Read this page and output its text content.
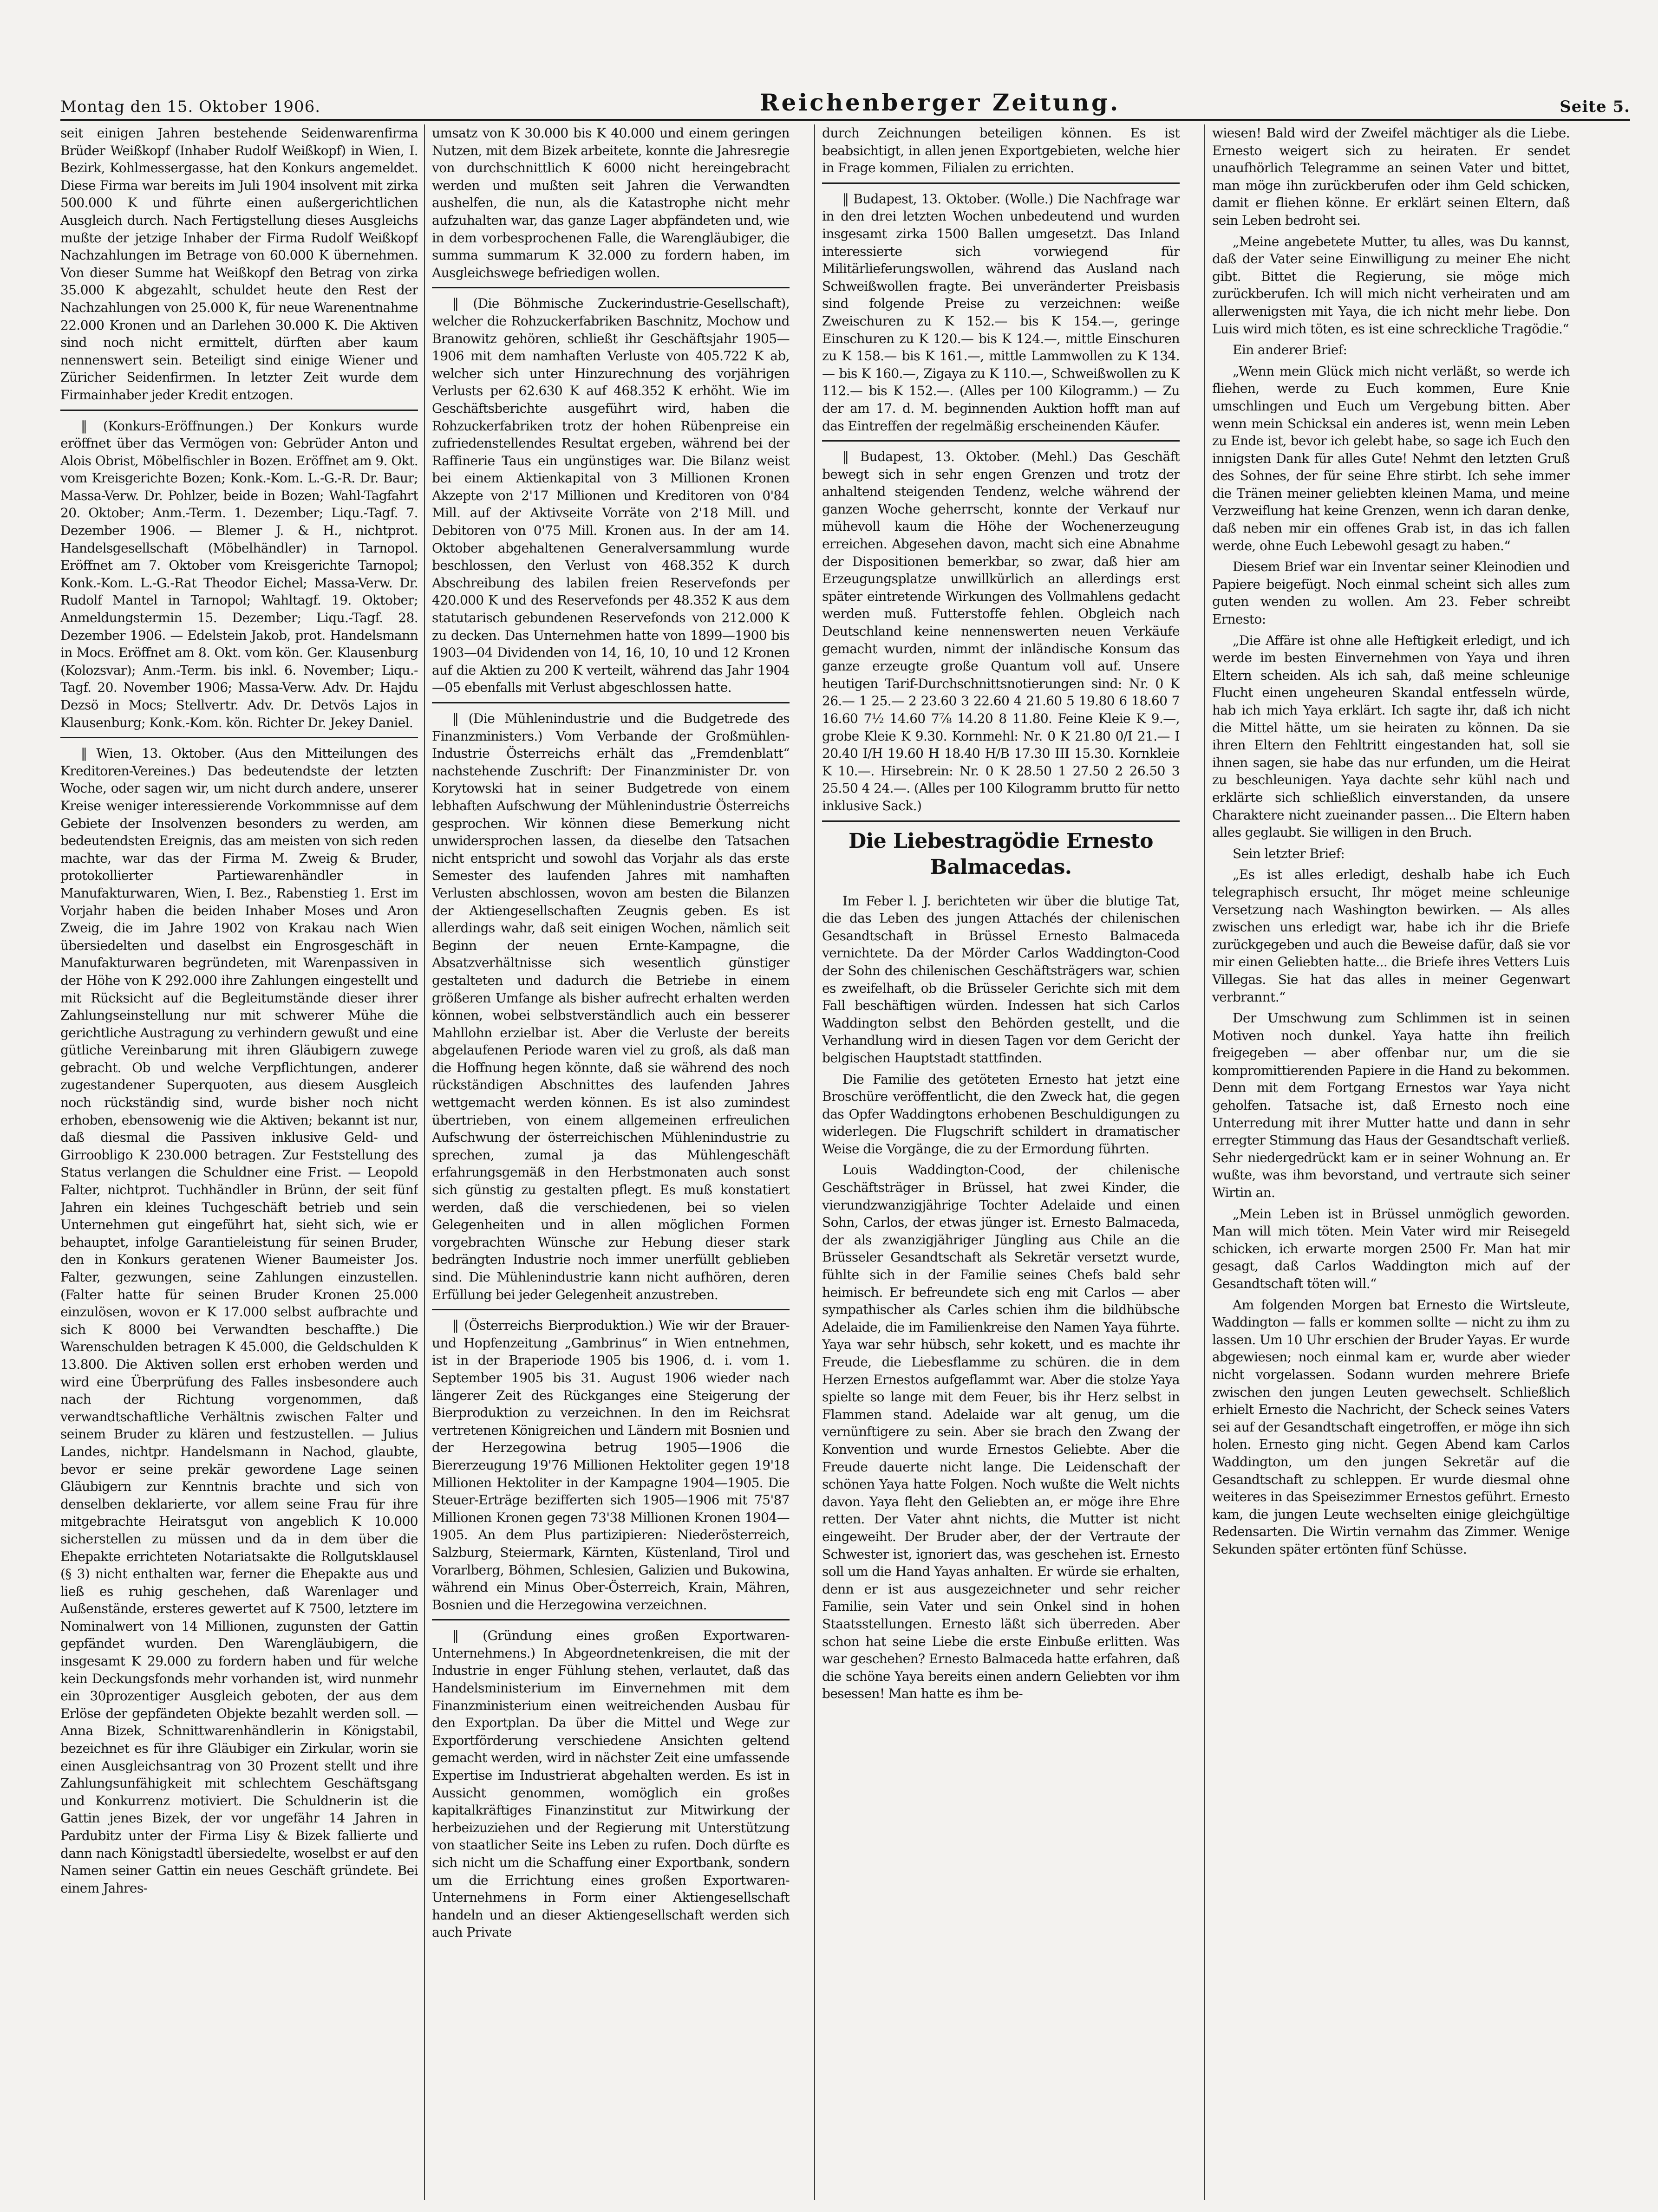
Montag den 15. Oktober 1906.	Reichenberger Zeitung.	Seite 5.

seit einigen Jahren bestehende Seidenwarenfirma Brüder Weißkopf (Inhaber Rudolf Weißkopf) in Wien, I. Bezirk, Kohlmessergasse, hat den Konkurs angemeldet. Diese Firma war bereits im Juli 1904 insolvent mit zirka 500.000 K und führte einen außergerichtlichen Ausgleich durch. Nach Fertigstellung dieses Ausgleichs mußte der jetzige Inhaber der Firma Rudolf Weißkopf Nachzahlungen im Betrage von 60.000 K übernehmen. Von dieser Summe hat Weißkopf den Betrag von zirka 35.000 K abgezahlt, schuldet heute den Rest der Nachzahlungen von 25.000 K, für neue Warenentnahme 22.000 Kronen und an Darlehen 30.000 K. Die Aktiven sind noch nicht ermittelt, dürften aber kaum nennenswert sein. Beteiligt sind einige Wiener und Züricher Seidenfirmen. In letzter Zeit wurde dem Firmainhaber jeder Kredit entzogen.

‖ (Konkurs-Eröffnungen.) Der Konkurs wurde eröffnet über das Vermögen von: Gebrüder Anton und Alois Obrist, Möbelfischler in Bozen. Eröffnet am 9. Okt. vom Kreisgerichte Bozen; Konk.-Kom. L.-G.-R. Dr. Baur; Massa-Verw. Dr. Pohlzer, beide in Bozen; Wahl-Tagfahrt 20. Oktober; Anm.-Term. 1. Dezember; Liqu.-Tagf. 7. Dezember 1906. — Blemer J. & H., nichtprot. Handelsgesellschaft (Möbelhändler) in Tarnopol. Eröffnet am 7. Oktober vom Kreisgerichte Tarnopol; Konk.-Kom. L.-G.-Rat Theodor Eichel; Massa-Verw. Dr. Rudolf Mantel in Tarnopol; Wahltagf. 19. Oktober; Anmeldungstermin 15. Dezember; Liqu.-Tagf. 28. Dezember 1906. — Edelstein Jakob, prot. Handelsmann in Mocs. Eröffnet am 8. Okt. vom kön. Ger. Klausenburg (Kolozsvar); Anm.-Term. bis inkl. 6. November; Liqu.-Tagf. 20. November 1906; Massa-Verw. Adv. Dr. Hajdu Dezsö in Mocs; Stellvertr. Adv. Dr. Detvös Lajos in Klausenburg; Konk.-Kom. kön. Richter Dr. Jekey Daniel.

‖ Wien, 13. Oktober. (Aus den Mitteilungen des Kreditoren-Vereines.) Das bedeutendste der letzten Woche, oder sagen wir, um nicht durch andere, unserer Kreise weniger interessierende Vorkommnisse auf dem Gebiete der Insolvenzen besonders zu werden, am bedeutendsten Ereignis, das am meisten von sich reden machte, war das der Firma M. Zweig & Bruder, protokollierter Partiewarenhändler in Manufakturwaren, Wien, I. Bez., Rabenstieg 1. Erst im Vorjahr haben die beiden Inhaber Moses und Aron Zweig, die im Jahre 1902 von Krakau nach Wien übersiedelten und daselbst ein Engrosgeschäft in Manufakturwaren begründeten, mit Warenpassiven in der Höhe von K 292.000 ihre Zahlungen eingestellt und mit Rücksicht auf die Begleitumstände dieser ihrer Zahlungseinstellung nur mit schwerer Mühe die gerichtliche Austragung zu verhindern gewußt und eine gütliche Vereinbarung mit ihren Gläubigern zuwege gebracht. Ob und welche Verpflichtungen, anderer zugestandener Superquoten, aus diesem Ausgleich noch rückständig sind, wurde bisher noch nicht erhoben, ebensowenig wie die Aktiven; bekannt ist nur, daß diesmal die Passiven inklusive Geld- und Girroobligo K 230.000 betragen. Zur Feststellung des Status verlangen die Schuldner eine Frist. — Leopold Falter, nichtprot. Tuchhändler in Brünn, der seit fünf Jahren ein kleines Tuchgeschäft betrieb und sein Unternehmen gut eingeführt hat, sieht sich, wie er behauptet, infolge Garantieleistung für seinen Bruder, den in Konkurs geratenen Wiener Baumeister Jos. Falter, gezwungen, seine Zahlungen einzustellen. (Falter hatte für seinen Bruder Kronen 25.000 einzulösen, wovon er K 17.000 selbst aufbrachte und sich K 8000 bei Verwandten beschaffte.) Die Warenschulden betragen K 45.000, die Geldschulden K 13.800. Die Aktiven sollen erst erhoben werden und wird eine Überprüfung des Falles insbesondere auch nach der Richtung vorgenommen, daß verwandtschaftliche Verhältnis zwischen Falter und seinem Bruder zu klären und festzustellen. — Julius Landes, nichtpr. Handelsmann in Nachod, glaubte, bevor er seine prekär gewordene Lage seinen Gläubigern zur Kenntnis brachte und sich von denselben deklarierte, vor allem seine Frau für ihre mitgebrachte Heiratsgut von angeblich K 10.000 sicherstellen zu müssen und da in dem über die Ehepakte errichteten Notariatsakte die Rollgutsklausel (§ 3) nicht enthalten war, ferner die Ehepakte aus und ließ es ruhig geschehen, daß Warenlager und Außenstände, ersteres gewertet auf K 7500, letztere im Nominalwert von 14 Millionen, zugunsten der Gattin gepfändet wurden. Den Warengläubigern, die insgesamt K 29.000 zu fordern haben und für welche kein Deckungsfonds mehr vorhanden ist, wird nunmehr ein 30prozentiger Ausgleich geboten, der aus dem Erlöse der gepfändeten Objekte bezahlt werden soll. — Anna Bizek, Schnittwarenhändlerin in Königstabil, bezeichnet es für ihre Gläubiger ein Zirkular, worin sie einen Ausgleichsantrag von 30 Prozent stellt und ihre Zahlungsunfähigkeit mit schlechtem Geschäftsgang und Konkurrenz motiviert. Die Schuldnerin ist die Gattin jenes Bizek, der vor ungefähr 14 Jahren in Pardubitz unter der Firma Lisy & Bizek fallierte und dann nach Königstadtl übersiedelte, woselbst er auf den Namen seiner Gattin ein neues Geschäft gründete. Bei einem Jahres-

umsatz von K 30.000 bis K 40.000 und einem geringen Nutzen, mit dem Bizek arbeitete, konnte die Jahresregie von durchschnittlich K 6000 nicht hereingebracht werden und mußten seit Jahren die Verwandten aushelfen, die nun, als die Katastrophe nicht mehr aufzuhalten war, das ganze Lager abpfändeten und, wie in dem vorbesprochenen Falle, die Warengläubiger, die summa summarum K 32.000 zu fordern haben, im Ausgleichswege befriedigen wollen.

‖ (Die Böhmische Zuckerindustrie-Gesellschaft), welcher die Rohzuckerfabriken Baschnitz, Mochow und Branowitz gehören, schließt ihr Geschäftsjahr 1905—1906 mit dem namhaften Verluste von 405.722 K ab, welcher sich unter Hinzurechnung des vorjährigen Verlusts per 62.630 K auf 468.352 K erhöht. Wie im Geschäftsberichte ausgeführt wird, haben die Rohzuckerfabriken trotz der hohen Rübenpreise ein zufriedenstellendes Resultat ergeben, während bei der Raffinerie Taus ein ungünstiges war. Die Bilanz weist bei einem Aktienkapital von 3 Millionen Kronen Akzepte von 2'17 Millionen und Kreditoren von 0'84 Mill. auf der Aktivseite Vorräte von 2'18 Mill. und Debitoren von 0'75 Mill. Kronen aus. In der am 14. Oktober abgehaltenen Generalversammlung wurde beschlossen, den Verlust von 468.352 K durch Abschreibung des labilen freien Reservefonds per 420.000 K und des Reservefonds per 48.352 K aus dem statutarisch gebundenen Reservefonds von 212.000 K zu decken. Das Unternehmen hatte von 1899—1900 bis 1903—04 Dividenden von 14, 16, 10, 10 und 12 Kronen auf die Aktien zu 200 K verteilt, während das Jahr 1904—05 ebenfalls mit Verlust abgeschlossen hatte.

‖ (Die Mühlenindustrie und die Budgetrede des Finanzministers.) Vom Verbande der Großmühlen-Industrie Österreichs erhält das „Fremdenblatt“ nachstehende Zuschrift: Der Finanzminister Dr. von Korytowski hat in seiner Budgetrede von einem lebhaften Aufschwung der Mühlenindustrie Österreichs gesprochen. Wir können diese Bemerkung nicht unwidersprochen lassen, da dieselbe den Tatsachen nicht entspricht und sowohl das Vorjahr als das erste Semester des laufenden Jahres mit namhaften Verlusten abschlossen, wovon am besten die Bilanzen der Aktiengesellschaften Zeugnis geben. Es ist allerdings wahr, daß seit einigen Wochen, nämlich seit Beginn der neuen Ernte-Kampagne, die Absatzverhältnisse sich wesentlich günstiger gestalteten und dadurch die Betriebe in einem größeren Umfange als bisher aufrecht erhalten werden können, wobei selbstverständlich auch ein besserer Mahllohn erzielbar ist. Aber die Verluste der bereits abgelaufenen Periode waren viel zu groß, als daß man die Hoffnung hegen könnte, daß sie während des noch rückständigen Abschnittes des laufenden Jahres wettgemacht werden können. Es ist also zumindest übertrieben, von einem allgemeinen erfreulichen Aufschwung der österreichischen Mühlenindustrie zu sprechen, zumal ja das Mühlengeschäft erfahrungsgemäß in den Herbstmonaten auch sonst sich günstig zu gestalten pflegt. Es muß konstatiert werden, daß die verschiedenen, bei so vielen Gelegenheiten und in allen möglichen Formen vorgebrachten Wünsche zur Hebung dieser stark bedrängten Industrie noch immer unerfüllt geblieben sind. Die Mühlenindustrie kann nicht aufhören, deren Erfüllung bei jeder Gelegenheit anzustreben.

‖ (Österreichs Bierproduktion.) Wie wir der Brauer- und Hopfenzeitung „Gambrinus“ in Wien entnehmen, ist in der Braperiode 1905 bis 1906, d. i. vom 1. September 1905 bis 31. August 1906 wieder nach längerer Zeit des Rückganges eine Steigerung der Bierproduktion zu verzeichnen. In den im Reichsrat vertretenen Königreichen und Ländern mit Bosnien und der Herzegowina betrug 1905—1906 die Biererzeugung 19'76 Millionen Hektoliter gegen 19'18 Millionen Hektoliter in der Kampagne 1904—1905. Die Steuer-Erträge bezifferten sich 1905—1906 mit 75'87 Millionen Kronen gegen 73'38 Millionen Kronen 1904—1905. An dem Plus partizipieren: Niederösterreich, Salzburg, Steiermark, Kärnten, Küstenland, Tirol und Vorarlberg, Böhmen, Schlesien, Galizien und Bukowina, während ein Minus Ober-Österreich, Krain, Mähren, Bosnien und die Herzegowina verzeichnen.

‖ (Gründung eines großen Exportwaren-Unternehmens.) In Abgeordnetenkreisen, die mit der Industrie in enger Fühlung stehen, verlautet, daß das Handelsministerium im Einvernehmen mit dem Finanzministerium einen weitreichenden Ausbau für den Exportplan. Da über die Mittel und Wege zur Exportförderung verschiedene Ansichten geltend gemacht werden, wird in nächster Zeit eine umfassende Expertise im Industrierat abgehalten werden. Es ist in Aussicht genommen, womöglich ein großes kapitalkräftiges Finanzinstitut zur Mitwirkung der herbeizuziehen und der Regierung mit Unterstützung von staatlicher Seite ins Leben zu rufen. Doch dürfte es sich nicht um die Schaffung einer Exportbank, sondern um die Errichtung eines großen Exportwaren-Unternehmens in Form einer Aktiengesellschaft handeln und an dieser Aktiengesellschaft werden sich auch Private

durch Zeichnungen beteiligen können. Es ist beabsichtigt, in allen jenen Exportgebieten, welche hier in Frage kommen, Filialen zu errichten.

‖ Budapest, 13. Oktober. (Wolle.) Die Nachfrage war in den drei letzten Wochen unbedeutend und wurden insgesamt zirka 1500 Ballen umgesetzt. Das Inland interessierte sich vorwiegend für Militärlieferungswollen, während das Ausland nach Schweißwollen fragte. Bei unveränderter Preisbasis sind folgende Preise zu verzeichnen: weiße Zweischuren zu K 152.— bis K 154.—, geringe Einschuren zu K 120.— bis K 124.—, mittle Einschuren zu K 158.— bis K 161.—, mittle Lammwollen zu K 134.— bis K 160.—, Zigaya zu K 110.—, Schweißwollen zu K 112.— bis K 152.—. (Alles per 100 Kilogramm.) — Zu der am 17. d. M. beginnenden Auktion hofft man auf das Eintreffen der regelmäßig erscheinenden Käufer.

‖ Budapest, 13. Oktober. (Mehl.) Das Geschäft bewegt sich in sehr engen Grenzen und trotz der anhaltend steigenden Tendenz, welche während der ganzen Woche geherrscht, konnte der Verkauf nur mühevoll kaum die Höhe der Wochenerzeugung erreichen. Abgesehen davon, macht sich eine Abnahme der Dispositionen bemerkbar, so zwar, daß hier am Erzeugungsplatze unwillkürlich an allerdings erst später eintretende Wirkungen des Vollmahlens gedacht werden muß. Futterstoffe fehlen. Obgleich nach Deutschland keine nennenswerten neuen Verkäufe gemacht wurden, nimmt der inländische Konsum das ganze erzeugte große Quantum voll auf. Unsere heutigen Tarif-Durchschnittsnotierungen sind: Nr. 0 K 26.— 1 25.— 2 23.60 3 22.60 4 21.60 5 19.80 6 18.60 7 16.60 7½ 14.60 7⅞ 14.20 8 11.80. Feine Kleie K 9.—, grobe Kleie K 9.30. Kornmehl: Nr. 0 K 21.80 0/I 21.— I 20.40 I/H 19.60 H 18.40 H/B 17.30 III 15.30. Kornkleie K 10.—. Hirsebrein: Nr. 0 K 28.50 1 27.50 2 26.50 3 25.50 4 24.—. (Alles per 100 Kilogramm brutto für netto inklusive Sack.)

Die Liebestragödie Ernesto Balmacedas.

Im Feber l. J. berichteten wir über die blutige Tat, die das Leben des jungen Attachés der chilenischen Gesandtschaft in Brüssel Ernesto Balmaceda vernichtete. Da der Mörder Carlos Waddington-Cood der Sohn des chilenischen Geschäftsträgers war, schien es zweifelhaft, ob die Brüsseler Gerichte sich mit dem Fall beschäftigen würden. Indessen hat sich Carlos Waddington selbst den Behörden gestellt, und die Verhandlung wird in diesen Tagen vor dem Gericht der belgischen Hauptstadt stattfinden.

Die Familie des getöteten Ernesto hat jetzt eine Broschüre veröffentlicht, die den Zweck hat, die gegen das Opfer Waddingtons erhobenen Beschuldigungen zu widerlegen. Die Flugschrift schildert in dramatischer Weise die Vorgänge, die zu der Ermordung führten.

Louis Waddington-Cood, der chilenische Geschäftsträger in Brüssel, hat zwei Kinder, die vierundzwanzigjährige Tochter Adelaide und einen Sohn, Carlos, der etwas jünger ist. Ernesto Balmaceda, der als zwanzigjähriger Jüngling aus Chile an die Brüsseler Gesandtschaft als Sekretär versetzt wurde, fühlte sich in der Familie seines Chefs bald sehr heimisch. Er befreundete sich eng mit Carlos — aber sympathischer als Carles schien ihm die bildhübsche Adelaide, die im Familienkreise den Namen Yaya führte. Yaya war sehr hübsch, sehr kokett, und es machte ihr Freude, die Liebesflamme zu schüren. die in dem Herzen Ernestos aufgeflammt war. Aber die stolze Yaya spielte so lange mit dem Feuer, bis ihr Herz selbst in Flammen stand. Adelaide war alt genug, um die vernünftigere zu sein. Aber sie brach den Zwang der Konvention und wurde Ernestos Geliebte. Aber die Freude dauerte nicht lange. Die Leidenschaft der schönen Yaya hatte Folgen. Noch wußte die Welt nichts davon. Yaya fleht den Geliebten an, er möge ihre Ehre retten. Der Vater ahnt nichts, die Mutter ist nicht eingeweiht. Der Bruder aber, der der Vertraute der Schwester ist, ignoriert das, was geschehen ist. Ernesto soll um die Hand Yayas anhalten. Er würde sie erhalten, denn er ist aus ausgezeichneter und sehr reicher Familie, sein Vater und sein Onkel sind in hohen Staatsstellungen. Ernesto läßt sich überreden. Aber schon hat seine Liebe die erste Einbuße erlitten. Was war geschehen? Ernesto Balmaceda hatte erfahren, daß die schöne Yaya bereits einen andern Geliebten vor ihm besessen! Man hatte es ihm be-

wiesen! Bald wird der Zweifel mächtiger als die Liebe. Ernesto weigert sich zu heiraten. Er sendet unaufhörlich Telegramme an seinen Vater und bittet, man möge ihn zurückberufen oder ihm Geld schicken, damit er fliehen könne. Er erklärt seinen Eltern, daß sein Leben bedroht sei.

„Meine angebetete Mutter, tu alles, was Du kannst, daß der Vater seine Einwilligung zu meiner Ehe nicht gibt. Bittet die Regierung, sie möge mich zurückberufen. Ich will mich nicht verheiraten und am allerwenigsten mit Yaya, die ich nicht mehr liebe. Don Luis wird mich töten, es ist eine schreckliche Tragödie.“

Ein anderer Brief:

„Wenn mein Glück mich nicht verläßt, so werde ich fliehen, werde zu Euch kommen, Eure Knie umschlingen und Euch um Vergebung bitten. Aber wenn mein Schicksal ein anderes ist, wenn mein Leben zu Ende ist, bevor ich gelebt habe, so sage ich Euch den innigsten Dank für alles Gute! Nehmt den letzten Gruß des Sohnes, der für seine Ehre stirbt. Ich sehe immer die Tränen meiner geliebten kleinen Mama, und meine Verzweiflung hat keine Grenzen, wenn ich daran denke, daß neben mir ein offenes Grab ist, in das ich fallen werde, ohne Euch Lebewohl gesagt zu haben.“

Diesem Brief war ein Inventar seiner Kleinodien und Papiere beigefügt. Noch einmal scheint sich alles zum guten wenden zu wollen. Am 23. Feber schreibt Ernesto:

„Die Affäre ist ohne alle Heftigkeit erledigt, und ich werde im besten Einvernehmen von Yaya und ihren Eltern scheiden. Als ich sah, daß meine schleunige Flucht einen ungeheuren Skandal entfesseln würde, hab ich mich Yaya erklärt. Ich sagte ihr, daß ich nicht die Mittel hätte, um sie heiraten zu können. Da sie ihren Eltern den Fehltritt eingestanden hat, soll sie ihnen sagen, sie habe das nur erfunden, um die Heirat zu beschleunigen. Yaya dachte sehr kühl nach und erklärte sich schließlich einverstanden, da unsere Charaktere nicht zueinander passen... Die Eltern haben alles geglaubt. Sie willigen in den Bruch.

Sein letzter Brief:

„Es ist alles erledigt, deshalb habe ich Euch telegraphisch ersucht, Ihr möget meine schleunige Versetzung nach Washington bewirken. — Als alles zwischen uns erledigt war, habe ich ihr die Briefe zurückgegeben und auch die Beweise dafür, daß sie vor mir einen Geliebten hatte... die Briefe ihres Vetters Luis Villegas. Sie hat das alles in meiner Gegenwart verbrannt.“

Der Umschwung zum Schlimmen ist in seinen Motiven noch dunkel. Yaya hatte ihn freilich freigegeben — aber offenbar nur, um die sie kompromittierenden Papiere in die Hand zu bekommen. Denn mit dem Fortgang Ernestos war Yaya nicht geholfen. Tatsache ist, daß Ernesto noch eine Unterredung mit ihrer Mutter hatte und dann in sehr erregter Stimmung das Haus der Gesandtschaft verließ. Sehr niedergedrückt kam er in seiner Wohnung an. Er wußte, was ihm bevorstand, und vertraute sich seiner Wirtin an.

„Mein Leben ist in Brüssel unmöglich geworden. Man will mich töten. Mein Vater wird mir Reisegeld schicken, ich erwarte morgen 2500 Fr. Man hat mir gesagt, daß Carlos Waddington mich auf der Gesandtschaft töten will.“

Am folgenden Morgen bat Ernesto die Wirtsleute, Waddington — falls er kommen sollte — nicht zu ihm zu lassen. Um 10 Uhr erschien der Bruder Yayas. Er wurde abgewiesen; noch einmal kam er, wurde aber wieder nicht vorgelassen. Sodann wurden mehrere Briefe zwischen den jungen Leuten gewechselt. Schließlich erhielt Ernesto die Nachricht, der Scheck seines Vaters sei auf der Gesandtschaft eingetroffen, er möge ihn sich holen. Ernesto ging nicht. Gegen Abend kam Carlos Waddington, um den jungen Sekretär auf die Gesandtschaft zu schleppen. Er wurde diesmal ohne weiteres in das Speisezimmer Ernestos geführt. Ernesto kam, die jungen Leute wechselten einige gleichgültige Redensarten. Die Wirtin vernahm das Zimmer. Wenige Sekunden später ertönten fünf Schüsse.
